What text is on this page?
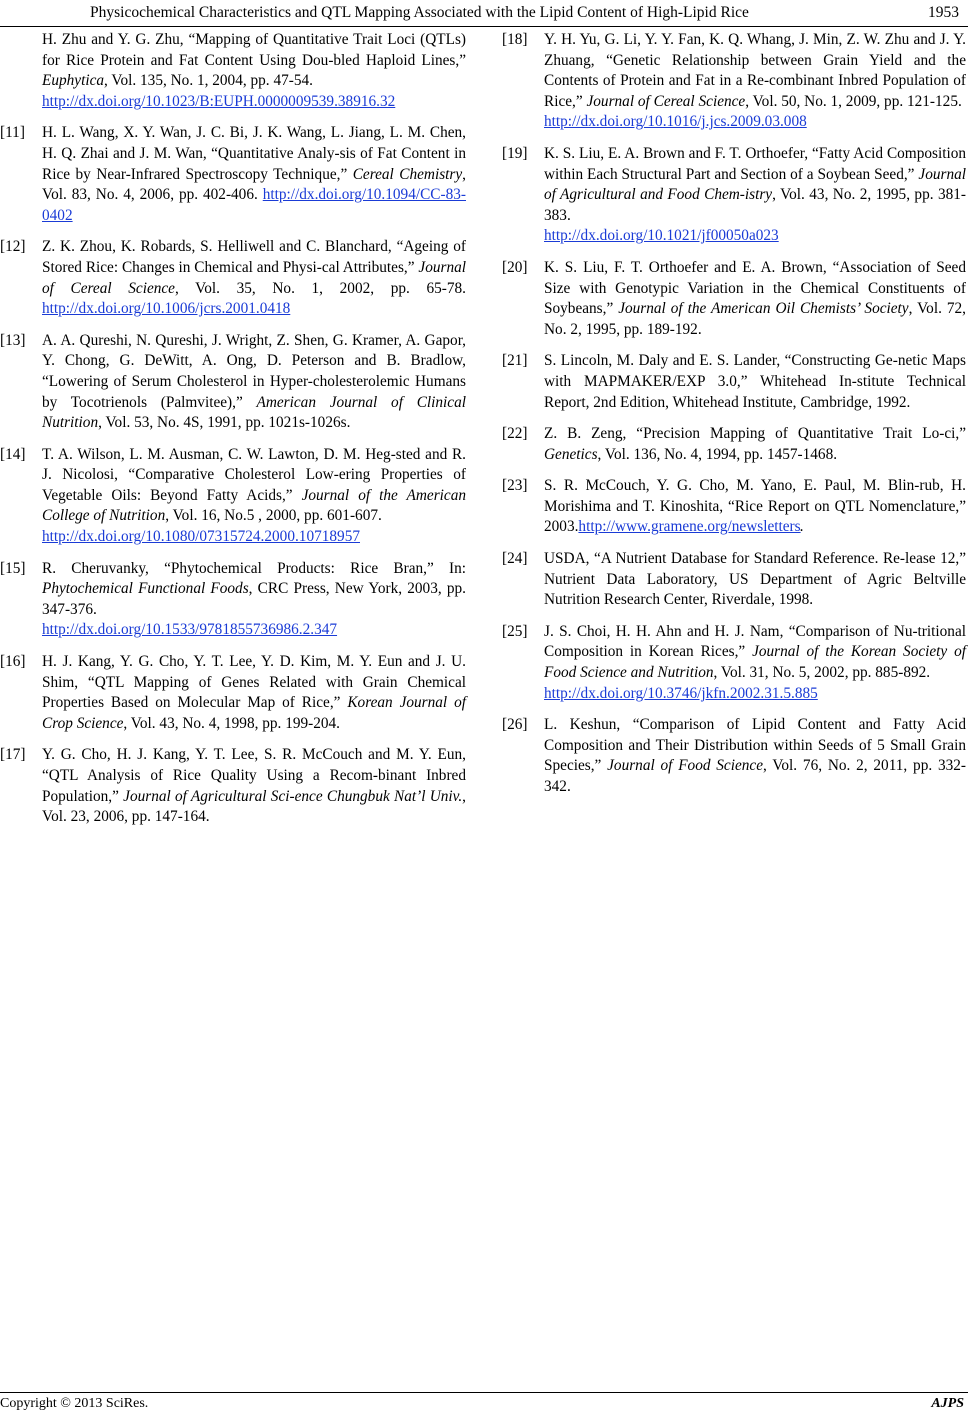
Physicochemical Characteristics and QTL Mapping Associated with the Lipid Content of High-Lipid Rice	1953
H. Zhu and Y. G. Zhu, “Mapping of Quantitative Trait Loci (QTLs) for Rice Protein and Fat Content Using Dou-bled Haploid Lines,” Euphytica, Vol. 135, No. 1, 2004, pp. 47-54.
http://dx.doi.org/10.1023/B:EUPH.0000009539.38916.32
[11] H. L. Wang, X. Y. Wan, J. C. Bi, J. K. Wang, L. Jiang, L. M. Chen, H. Q. Zhai and J. M. Wan, “Quantitative Analy-sis of Fat Content in Rice by Near-Infrared Spectroscopy Technique,” Cereal Chemistry, Vol. 83, No. 4, 2006, pp. 402-406. http://dx.doi.org/10.1094/CC-83-0402
[12] Z. K. Zhou, K. Robards, S. Helliwell and C. Blanchard, “Ageing of Stored Rice: Changes in Chemical and Physi-cal Attributes,” Journal of Cereal Science, Vol. 35, No. 1, 2002, pp. 65-78. http://dx.doi.org/10.1006/jcrs.2001.0418
[13] A. A. Qureshi, N. Qureshi, J. Wright, Z. Shen, G. Kramer, A. Gapor, Y. Chong, G. DeWitt, A. Ong, D. Peterson and B. Bradlow, “Lowering of Serum Cholesterol in Hyper-cholesterolemic Humans by Tocotrienols (Palmvitee),” American Journal of Clinical Nutrition, Vol. 53, No. 4S, 1991, pp. 1021s-1026s.
[14] T. A. Wilson, L. M. Ausman, C. W. Lawton, D. M. Heg-sted and R. J. Nicolosi, “Comparative Cholesterol Low-ering Properties of Vegetable Oils: Beyond Fatty Acids,” Journal of the American College of Nutrition, Vol. 16, No.5 , 2000, pp. 601-607.
http://dx.doi.org/10.1080/07315724.2000.10718957
[15] R. Cheruvanky, “Phytochemical Products: Rice Bran,” In: Phytochemical Functional Foods, CRC Press, New York, 2003, pp. 347-376.
http://dx.doi.org/10.1533/9781855736986.2.347
[16] H. J. Kang, Y. G. Cho, Y. T. Lee, Y. D. Kim, M. Y. Eun and J. U. Shim, “QTL Mapping of Genes Related with Grain Chemical Properties Based on Molecular Map of Rice,” Korean Journal of Crop Science, Vol. 43, No. 4, 1998, pp. 199-204.
[17] Y. G. Cho, H. J. Kang, Y. T. Lee, S. R. McCouch and M. Y. Eun, “QTL Analysis of Rice Quality Using a Recom-binant Inbred Population,” Journal of Agricultural Sci-ence Chungbuk Nat’l Univ., Vol. 23, 2006, pp. 147-164.
[18] Y. H. Yu, G. Li, Y. Y. Fan, K. Q. Whang, J. Min, Z. W. Zhu and J. Y. Zhuang, “Genetic Relationship between Grain Yield and the Contents of Protein and Fat in a Re-combinant Inbred Population of Rice,” Journal of Cereal Science, Vol. 50, No. 1, 2009, pp. 121-125.
http://dx.doi.org/10.1016/j.jcs.2009.03.008
[19] K. S. Liu, E. A. Brown and F. T. Orthoefer, “Fatty Acid Composition within Each Structural Part and Section of a Soybean Seed,” Journal of Agricultural and Food Chem-istry, Vol. 43, No. 2, 1995, pp. 381-383.
http://dx.doi.org/10.1021/jf00050a023
[20] K. S. Liu, F. T. Orthoefer and E. A. Brown, “Association of Seed Size with Genotypic Variation in the Chemical Constituents of Soybeans,” Journal of the American Oil Chemists’ Society, Vol. 72, No. 2, 1995, pp. 189-192.
[21] S. Lincoln, M. Daly and E. S. Lander, “Constructing Ge-netic Maps with MAPMAKER/EXP 3.0,” Whitehead In-stitute Technical Report, 2nd Edition, Whitehead Institute, Cambridge, 1992.
[22] Z. B. Zeng, “Precision Mapping of Quantitative Trait Lo-ci,” Genetics, Vol. 136, No. 4, 1994, pp. 1457-1468.
[23] S. R. McCouch, Y. G. Cho, M. Yano, E. Paul, M. Blin-rub, H. Morishima and T. Kinoshita, “Rice Report on QTL Nomenclature,” 2003.http://www.gramene.org/newsletters.
[24] USDA, “A Nutrient Database for Standard Reference. Re-lease 12,” Nutrient Data Laboratory, US Department of Agric Beltville Nutrition Research Center, Riverdale, 1998.
[25] J. S. Choi, H. H. Ahn and H. J. Nam, “Comparison of Nu-tritional Composition in Korean Rices,” Journal of the Korean Society of Food Science and Nutrition, Vol. 31, No. 5, 2002, pp. 885-892.
http://dx.doi.org/10.3746/jkfn.2002.31.5.885
[26] L. Keshun, “Comparison of Lipid Content and Fatty Acid Composition and Their Distribution within Seeds of 5 Small Grain Species,” Journal of Food Science, Vol. 76, No. 2, 2011, pp. 332-342.
Copyright © 2013 SciRes.	AJPS
